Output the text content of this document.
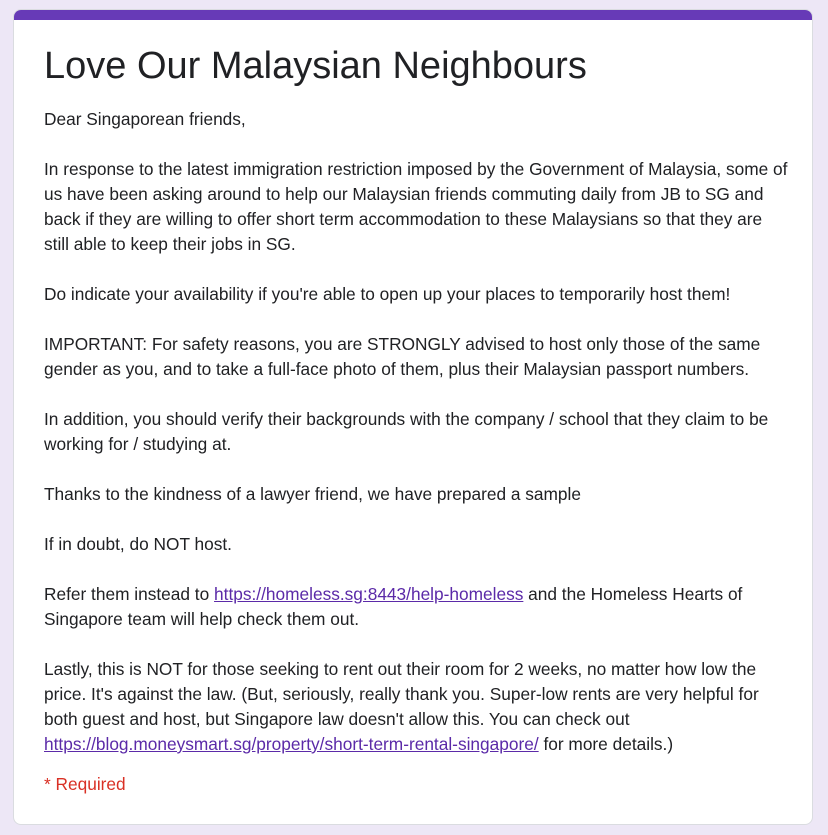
Love Our Malaysian Neighbours

Dear Singaporean friends,

In response to the latest immigration restriction imposed by the Government of Malaysia, some of us have been asking around to help our Malaysian friends commuting daily from JB to SG and back if they are willing to offer short term accommodation to these Malaysians so that they are still able to keep their jobs in SG.

Do indicate your availability if you're able to open up your places to temporarily host them!

IMPORTANT: For safety reasons, you are STRONGLY advised to host only those of the same gender as you, and to take a full-face photo of them, plus their Malaysian passport numbers.

In addition, you should verify their backgrounds with the company / school that they claim to be working for / studying at.

Thanks to the kindness of a lawyer friend, we have prepared a sample

If in doubt, do NOT host.

Refer them instead to https://homeless.sg:8443/help-homeless and the Homeless Hearts of Singapore team will help check them out.

Lastly, this is NOT for those seeking to rent out their room for 2 weeks, no matter how low the price. It's against the law. (But, seriously, really thank you. Super-low rents are very helpful for both guest and host, but Singapore law doesn't allow this. You can check out https://blog.moneysmart.sg/property/short-term-rental-singapore/ for more details.)

* Required
